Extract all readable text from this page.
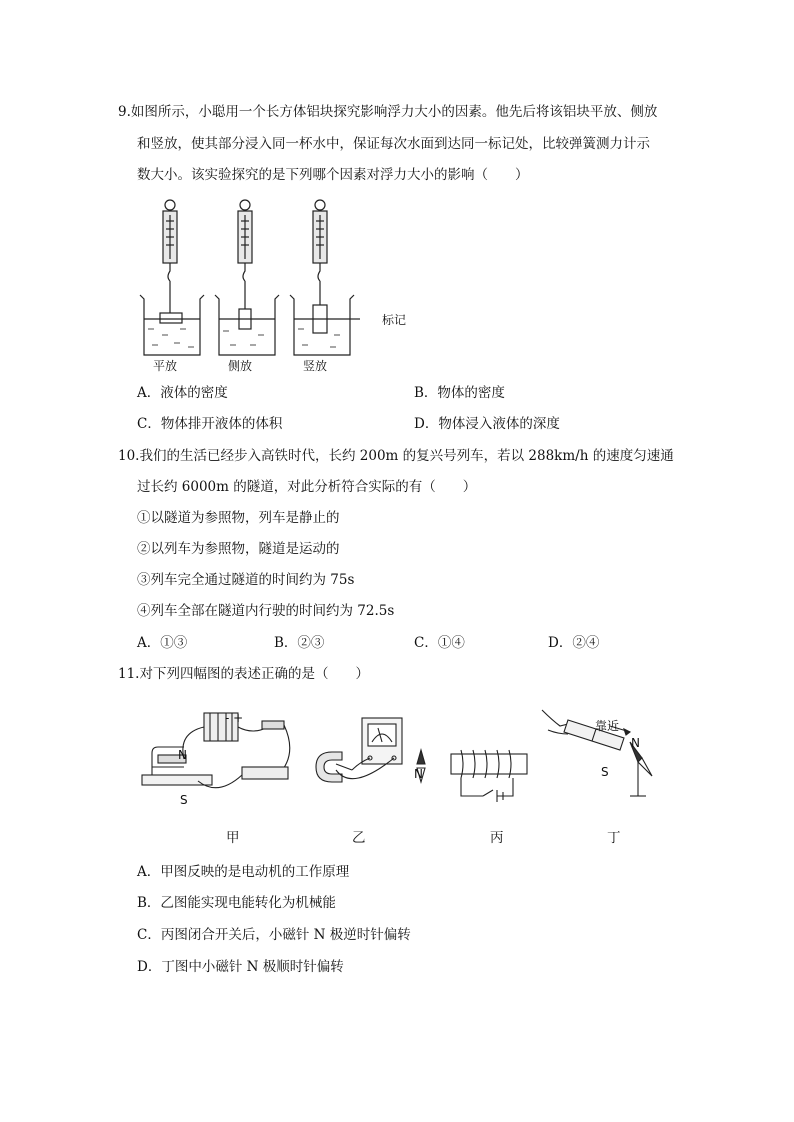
9.如图所示，小聪用一个长方体铝块探究影响浮力大小的因素。他先后将该铝块平放、侧放
和竖放，使其部分浸入同一杯水中，保证每次水面到达同一标记处，比较弹簧测力计示
数大小。该实验探究的是下列哪个因素对浮力大小的影响（　　）
标记
平放	侧放	竖放
A．液体的密度	B．物体的密度
C．物体排开液体的体积	D．物体浸入液体的深度
10.我们的生活已经步入高铁时代，长约 200m 的复兴号列车，若以 288km/h 的速度匀速通
过长约 6000m 的隧道，对此分析符合实际的有（　　）
①以隧道为参照物，列车是静止的
②以列车为参照物，隧道是运动的
③列车完全通过隧道的时间约为 75s
④列车全部在隧道内行驶的时间约为 72.5s
A．①③	B．②③	C．①④	D．②④
11.对下列四幅图的表述正确的是（　　）
N
S
- +
N
靠近
N
S
甲	乙	丙	丁
A．甲图反映的是电动机的工作原理
B．乙图能实现电能转化为机械能
C．丙图闭合开关后，小磁针 N 极逆时针偏转
D．丁图中小磁针 N 极顺时针偏转
